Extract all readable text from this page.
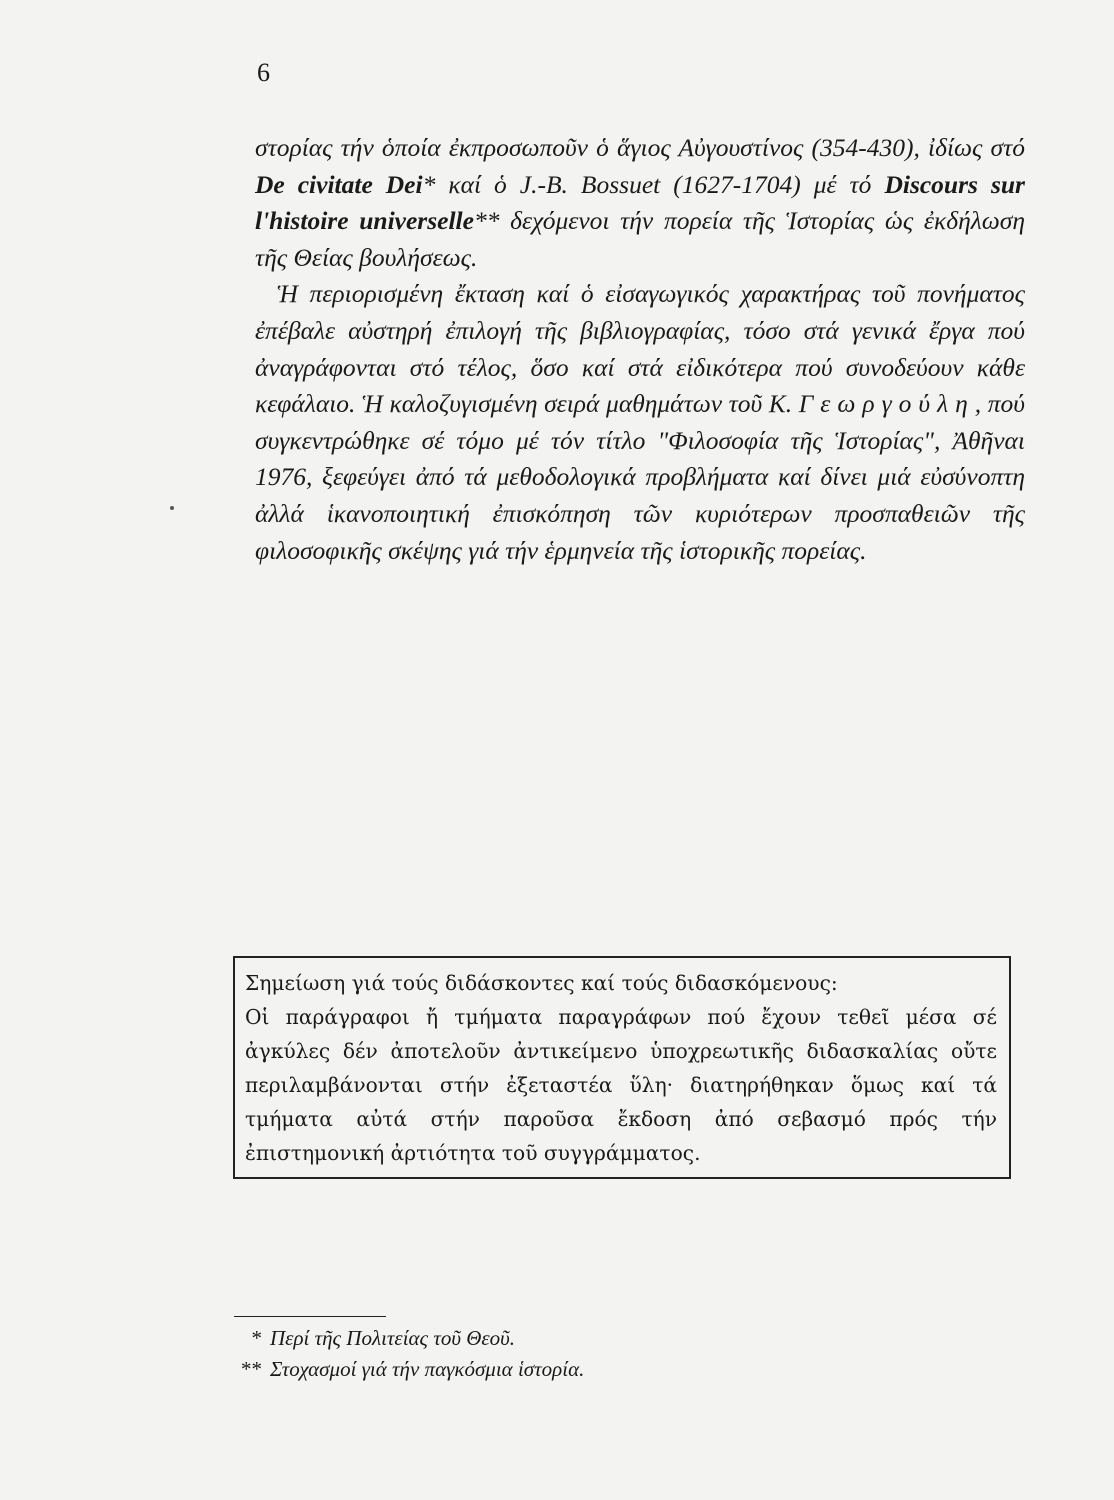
6

στορίας τήν ὁποία ἐκπροσωποῦν ὁ ἅγιος Αὐγουστίνος (354-430), ἰδίως στό De civitate Dei* καί ὁ J.-B. Bossuet (1627-1704) μέ τό Discours sur l'histoire universelle** δεχόμενοι τήν πορεία τῆς Ἱστορίας ὡς ἐκδήλωση τῆς Θείας βουλήσεως.

Ἡ περιορισμένη ἔκταση καί ὁ εἰσαγωγικός χαρακτήρας τοῦ πονήματος ἐπέβαλε αὐστηρή ἐπιλογή τῆς βιβλιογραφίας, τόσο στά γενικά ἔργα πού ἀναγράφονται στό τέλος, ὅσο καί στά εἰδικότερα πού συνοδεύουν κάθε κεφάλαιο. Ἡ καλοζυγισμένη σειρά μαθημάτων τοῦ Κ. Γεωργούλη, πού συγκεντρώθηκε σέ τόμο μέ τόν τίτλο "Φιλοσοφία τῆς Ἱστορίας", Ἀθῆναι 1976, ξεφεύγει ἀπό τά μεθοδολογικά προβλήματα καί δίνει μιά εὐσύνοπτη ἀλλά ἱκανοποιητική ἐπισκόπηση τῶν κυριότερων προσπαθειῶν τῆς φιλοσοφικῆς σκέψης γιά τήν ἑρμηνεία τῆς ἱστορικῆς πορείας.

Σημείωση γιά τούς διδάσκοντες καί τούς διδασκόμενους:
Οἱ παράγραφοι ἤ τμήματα παραγράφων πού ἔχουν τεθεῖ μέσα σέ ἀγκύλες δέν ἀποτελοῦν ἀντικείμενο ὑποχρεωτικῆς διδασκαλίας οὔτε περιλαμβάνονται στήν ἐξεταστέα ὕλη· διατηρήθηκαν ὅμως καί τά τμήματα αὐτά στήν παροῦσα ἔκδοση ἀπό σεβασμό πρός τήν ἐπιστημονική ἀρτιότητα τοῦ συγγράμματος.
* Περί τῆς Πολιτείας τοῦ Θεοῦ.
** Στοχασμοί γιά τήν παγκόσμια ἱστορία.
